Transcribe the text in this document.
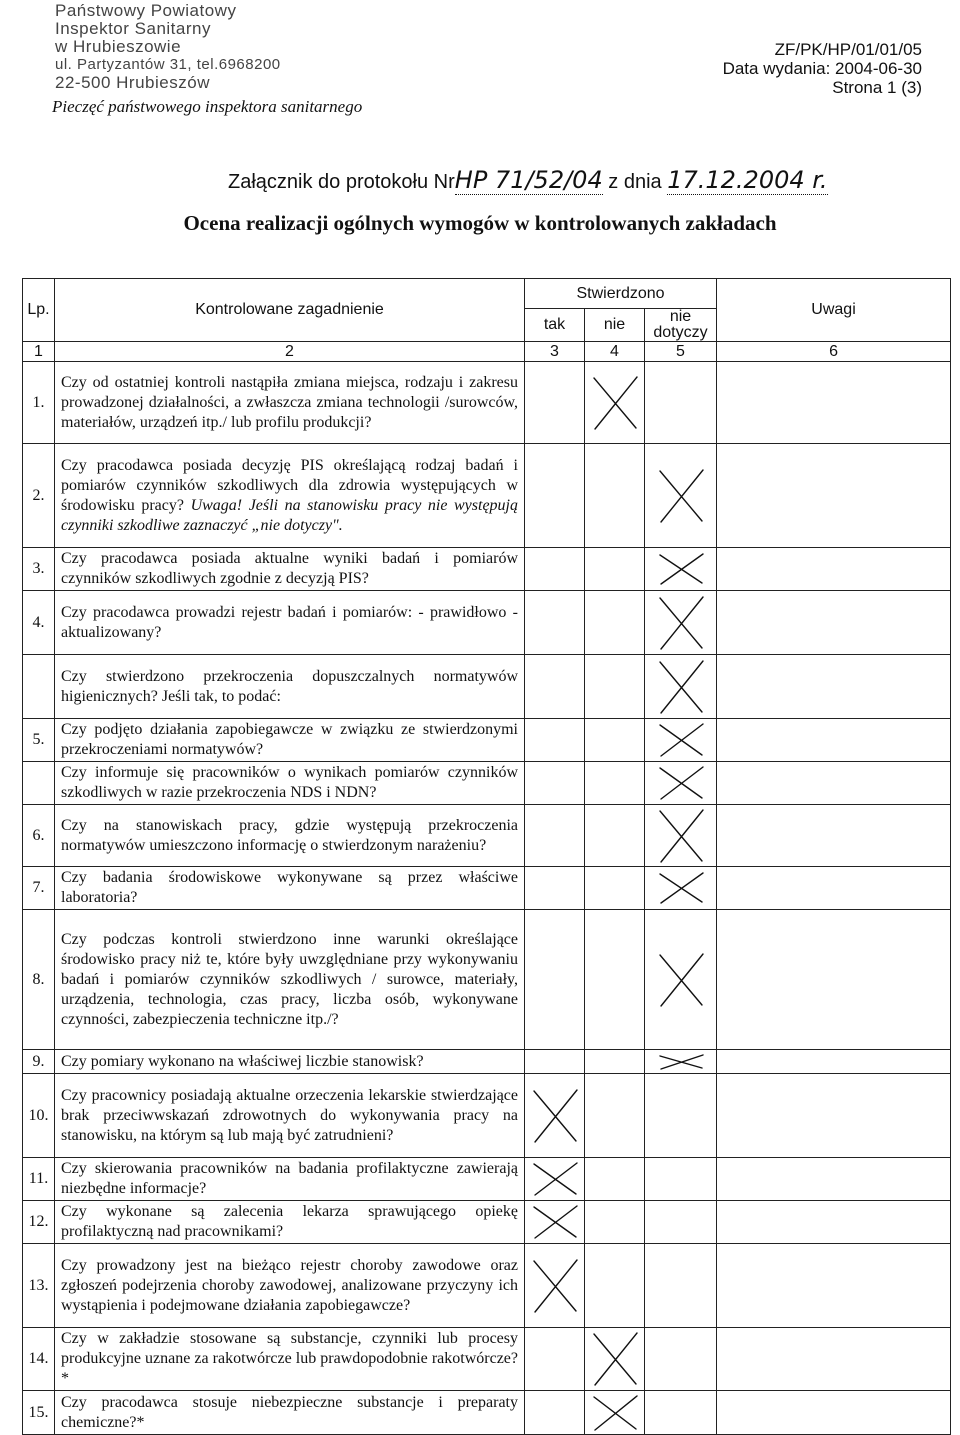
Państwowy Powiatowy
Inspektor Sanitarny
w Hrubieszowie
ul. Partyzantów 31, tel.6968200
22-500 Hrubieszów
Pieczęć państwowego inspektora sanitarnego
ZF/PK/HP/01/01/05
Data wydania: 2004-06-30
Strona 1 (3)
Załącznik do protokołu NrHP 71/52/04 z dnia 17.12.2004 r.
Ocena realizacji ogólnych wymogów w kontrolowanych zakładach
Lp.	Kontrolowane zagadnienie	Stwierdzono			Uwagi
		tak	nie	nie dotyczy	
1	2	3	4	5	6
1.	Czy od ostatniej kontroli nastąpiła zmiana miejsca, rodzaju i zakresu prowadzonej działalności, a zwłaszcza zmiana technologii /surowców, materiałów, urządzeń itp./ lub profilu produkcji?		

2.	Czy pracodawca posiada decyzję PIS określającą rodzaj badań i pomiarów czynników szkodliwych dla zdrowia występujących w środowisku pracy? Uwaga! Jeśli na stanowisku pracy nie występują czynniki szkodliwe zaznaczyć „nie dotyczy".			

3.	Czy pracodawca posiada aktualne wyniki badań i pomiarów czynników szkodliwych zgodnie z decyzją PIS?			

4.	Czy pracodawca prowadzi rejestr badań i pomiarów: - prawidłowo - aktualizowany?			

	Czy stwierdzono przekroczenia dopuszczalnych normatywów higienicznych? Jeśli tak, to podać:			

5.	Czy podjęto działania zapobiegawcze w związku ze stwierdzonymi przekroczeniami normatywów?			

	Czy informuje się pracowników o wynikach pomiarów czynników szkodliwych w razie przekroczenia NDS i NDN?			

6.	Czy na stanowiskach pracy, gdzie występują przekroczenia normatywów umieszczono informację o stwierdzonym narażeniu?			

7.	Czy badania środowiskowe wykonywane są przez właściwe laboratoria?			

8.	Czy podczas kontroli stwierdzono inne warunki określające środowisko pracy niż te, które były uwzględniane przy wykonywaniu badań i pomiarów czynników szkodliwych / surowce, materiały, urządzenia, technologia, czas pracy, liczba osób, wykonywane czynności, zabezpieczenia techniczne itp./?			

9.	Czy pomiary wykonano na właściwej liczbie stanowisk?			

10.	Czy pracownicy posiadają aktualne orzeczenia lekarskie stwierdzające brak przeciwwskazań zdrowotnych do wykonywania pracy na stanowisku, na którym są lub mają być zatrudnieni?	

11.	Czy skierowania pracowników na badania profilaktyczne zawierają niezbędne informacje?	

12.	Czy wykonane są zalecenia lekarza sprawującego opiekę profilaktyczną nad pracownikami?	

13.	Czy prowadzony jest na bieżąco rejestr choroby zawodowe oraz zgłoszeń podejrzenia choroby zawodowej, analizowane przyczyny ich wystąpienia i podejmowane działania zapobiegawcze?	

14.	Czy w zakładzie stosowane są substancje, czynniki lub procesy produkcyjne uznane za rakotwórcze lub prawdopodobnie rakotwórcze?*		

15.	Czy pracodawca stosuje niebezpieczne substancje i preparaty chemiczne?*		
